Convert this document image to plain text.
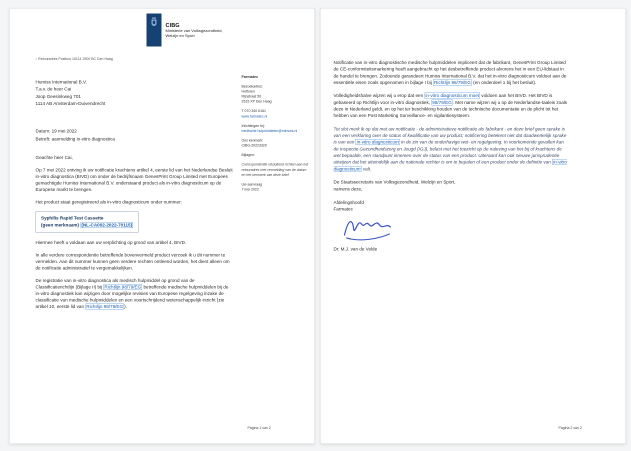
› Retouradres Postbus 16114 2500 BC Den Haag
CIBG
Ministerie van Volksgezondheid,
Welzijn en Sport
Humiss International B.V.
T.a.v. de heer Cai
Joop Geesinkweg 701
1114 AB Amsterdam-Duivendrecht
Datum: 19 mei 2022
Betreft: aanmelding in-vitro diagnostica

Geachte heer Cai,

Op 7 mei 2022 ontving ik uw notificatie krachtens artikel 4, eerste lid van het Nederlandse Besluit in-vitro diagnostica (BIVD) om onder de bedrijfsnaam GenesPrint Group Limited met Europees gemachtigde Humiss International B.V. onderstaand product als in-vitro diagnosticum op de Europese markt te brengen.

Het product staat geregistreerd als in-vitro diagnosticum onder nummer:

Syphilis Rapid Test Cassette
(geen merknaam) (NL-CA002-2022-70115)

Hiermee heeft u voldaan aan uw verplichting op grond van artikel 4, BIVD.

In alle verdere correspondentie betreffende bovenvermeld product verzoek ik u dit nummer te vermelden. Aan dit nummer kunnen geen verdere rechten ontleend worden, het dient alleen om de notificatie administratief te vergemakkelijken.

De registratie van in-vitro diagnostica als medisch hulpmiddel op grond van de Classificatierichtlijn (Bijlage II) bij Richtlijn 98/79/EG betreffende medische hulpmiddelen bij de in-vitro diagnostiek kan wijzigen door mogelijke revisies van Europese regelgeving inzake de classificatie van medische hulpmiddelen en een voortschrijdend wetenschappelijk inzicht (zie artikel 10, eerste lid van Richtlijn 98/79/EG).

Farmatec
Bezoekadres:
Hoftoren
Rijnstraat 50
2515 XP Den Haag
T 070 340 6161
www.farmatec.nl
Inlichtingen bij:
medische.hulpmiddelen@minvws.nl
Ons kenmerk:
CIBG-20223320
Bijlagen:
Correspondentie uitsluitend richten aan het retouradres met vermelding van de datum en het kenmerk van deze brief.
Uw aanvraag
7 mei 2022
Pagina 1 van 2

Notificatie van in-vitro diagnostische medische hulpmiddelen impliceert dat de fabrikant, GenesPrint Group Limited de CE-conformiteitsmarkering heeft aangebracht op het desbetreffende product alvorens het in een EU-lidstaat in de handel te brengen. Zodoende garandeert Humiss International B.V. dat het in-vitro diagnosticum voldoet aan de essentiële eisen zoals opgenomen in bijlage I bij Richtlijn 98/79/EG (en onderdeel 1 bij het besluit).

Volledigheidshalve wijzen wij u erop dat een in-vitro diagnosticum moet voldoen aan het BIVD. Het BIVD is gebaseerd op Richtlijn voor in-vitro diagnostiek, 98/79/EG. Met name wijzen wij u op de Nederlandse-taaleis zoals deze in Nederland geldt, en op het ter beschikking houden van de technische documentatie en de plicht tot het hebben van een Post Marketing Surveillance- en vigilantiesysteem.

Tot slot merk ik op dat met uw notificatie - de administratieve notificatie als fabrikant - en deze brief geen sprake is van een verklaring over de status of kwalificatie van uw product; notificering betekent niet dat daadwerkelijk sprake is van een in-vitro diagnosticum in de zin van de onderhavige wet- en regelgeving. In voorkomende gevallen kan de Inspectie Gezondheidszorg en Jeugd (IGJ), belast met het toezicht op de naleving van het bij of krachtens de wet bepaalde, een standpunt innemen over de status van een product. Uiteraard kan ook nieuwe jurisprudentie uitwijzen dat het uiteindelijk aan de nationale rechter is om te bepalen of een product onder de definitie van in-vitro diagnosticum valt.

De Staatssecretaris van Volksgezondheid, Welzijn en Sport,
namens deze,
Afdelingshoofd
Farmatec
Dr. M.J. van de Velde
Pagina 2 van 2
